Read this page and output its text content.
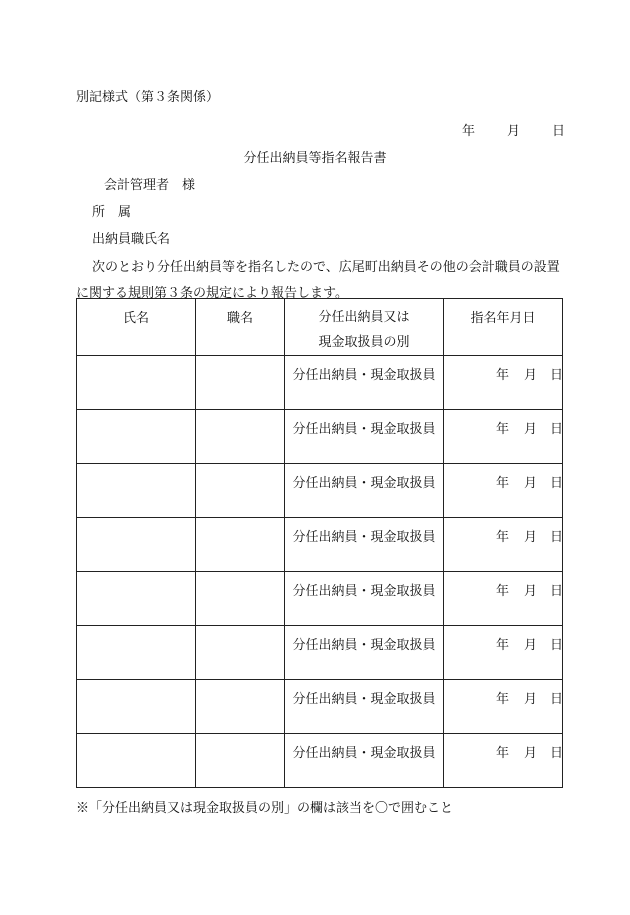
別記様式（第３条関係）
年 月 日
分任出納員等指名報告書
会計管理者　様
所　属
出納員職氏名
次のとおり分任出納員等を指名したので、広尾町出納員その他の会計職員の設置
に関する規則第３条の規定により報告します。
氏名	職名	分任出納員又は
現金取扱員の別	指名年月日
		分任出納員・現金取扱員	年 月 日

		分任出納員・現金取扱員	年 月 日

		分任出納員・現金取扱員	年 月 日

		分任出納員・現金取扱員	年 月 日

		分任出納員・現金取扱員	年 月 日

		分任出納員・現金取扱員	年 月 日

		分任出納員・現金取扱員	年 月 日

		分任出納員・現金取扱員	年 月 日
※「分任出納員又は現金取扱員の別」の欄は該当を〇で囲むこと
